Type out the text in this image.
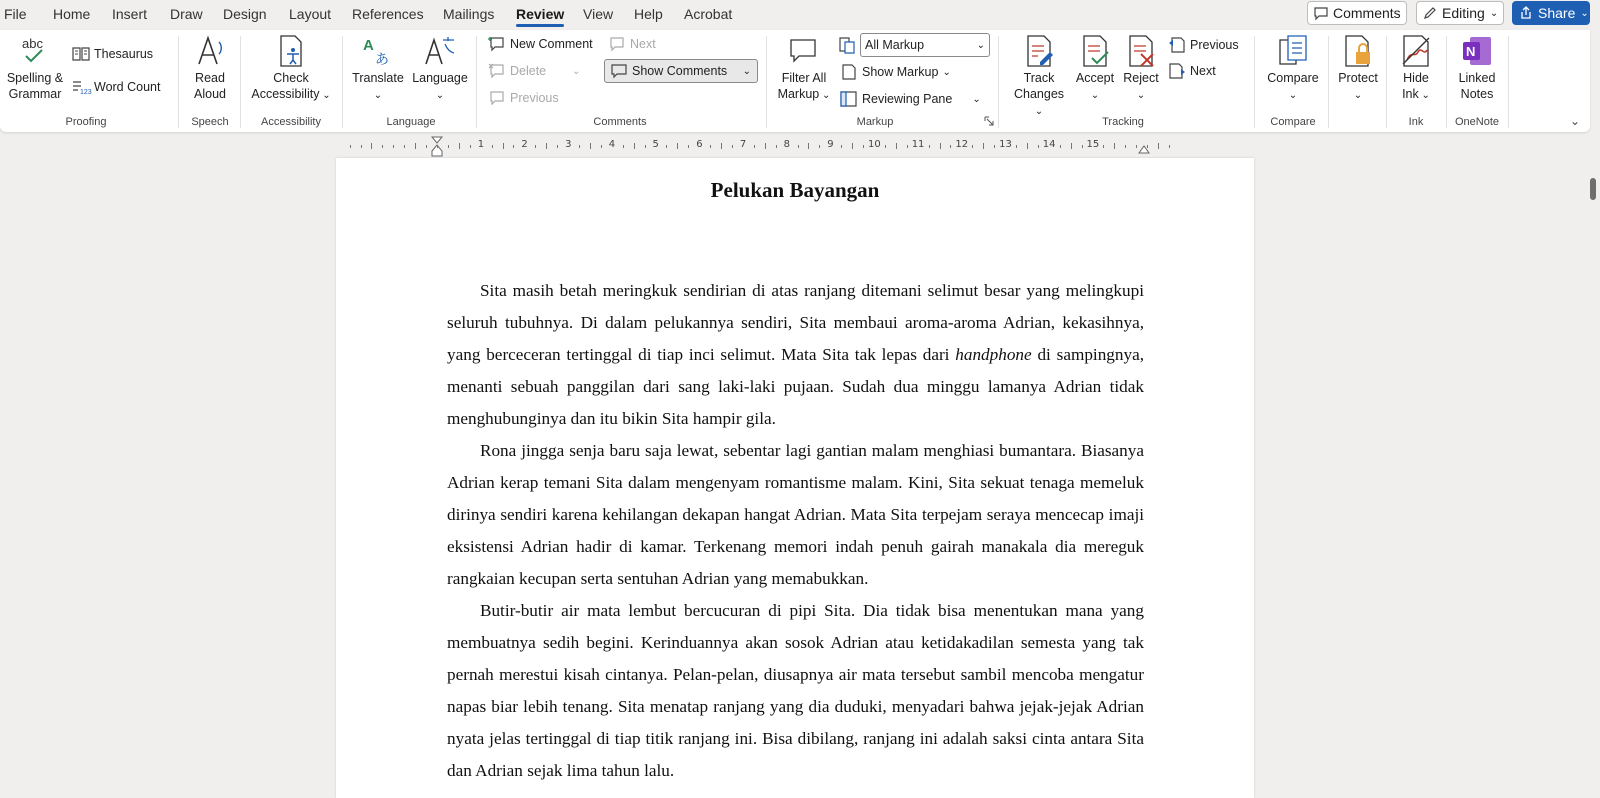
File Home Insert Draw Design Layout References Mailings Review View Help Acrobat	Comments	Editing ⌄	Share ⌄
abc
Spelling &
Grammar
Thesaurus
123 Word Count
Proofing
Read
Aloud
Speech
Check
Accessibility ⌄
Accessibility
A
あ
Translate
⌄
Language
⌄
Language
New Comment
Delete	⌄
Previous
Next
Show Comments ⌄
Comments
Filter All
Markup ⌄
All Markup	⌄
Show Markup ⌄
Reviewing Pane ⌄
Markup
Track
Changes ⌄
Accept
⌄
Reject
⌄
Previous
Next
Tracking
Compare
⌄
Compare
Protect
⌄
Hide
Ink ⌄
Ink
N
Linked
Notes
OneNote	⌄
1	2	3	4	5	6	7	8	9	10	11	12	13	14	15
Pelukan Bayangan

Sita masih betah meringkuk sendirian di atas ranjang ditemani selimut besar yang melingkupi seluruh tubuhnya. Di dalam pelukannya sendiri, Sita membaui aroma-aroma Adrian, kekasihnya, yang berceceran tertinggal di tiap inci selimut. Mata Sita tak lepas dari handphone di sampingnya, menanti sebuah panggilan dari sang laki-laki pujaan. Sudah dua minggu lamanya Adrian tidak menghubunginya dan itu bikin Sita hampir gila.

Rona jingga senja baru saja lewat, sebentar lagi gantian malam menghiasi bumantara. Biasanya Adrian kerap temani Sita dalam mengenyam romantisme malam. Kini, Sita sekuat tenaga memeluk dirinya sendiri karena kehilangan dekapan hangat Adrian. Mata Sita terpejam seraya mencecap imaji eksistensi Adrian hadir di kamar. Terkenang memori indah penuh gairah manakala dia mereguk rangkaian kecupan serta sentuhan Adrian yang memabukkan.

Butir-butir air mata lembut bercucuran di pipi Sita. Dia tidak bisa menentukan mana yang membuatnya sedih begini. Kerinduannya akan sosok Adrian atau ketidakadilan semesta yang tak pernah merestui kisah cintanya. Pelan-pelan, diusapnya air mata tersebut sambil mencoba mengatur napas biar lebih tenang. Sita menatap ranjang yang dia duduki, menyadari bahwa jejak-jejak Adrian nyata jelas tertinggal di tiap titik ranjang ini. Bisa dibilang, ranjang ini adalah saksi cinta antara Sita dan Adrian sejak lima tahun lalu.
